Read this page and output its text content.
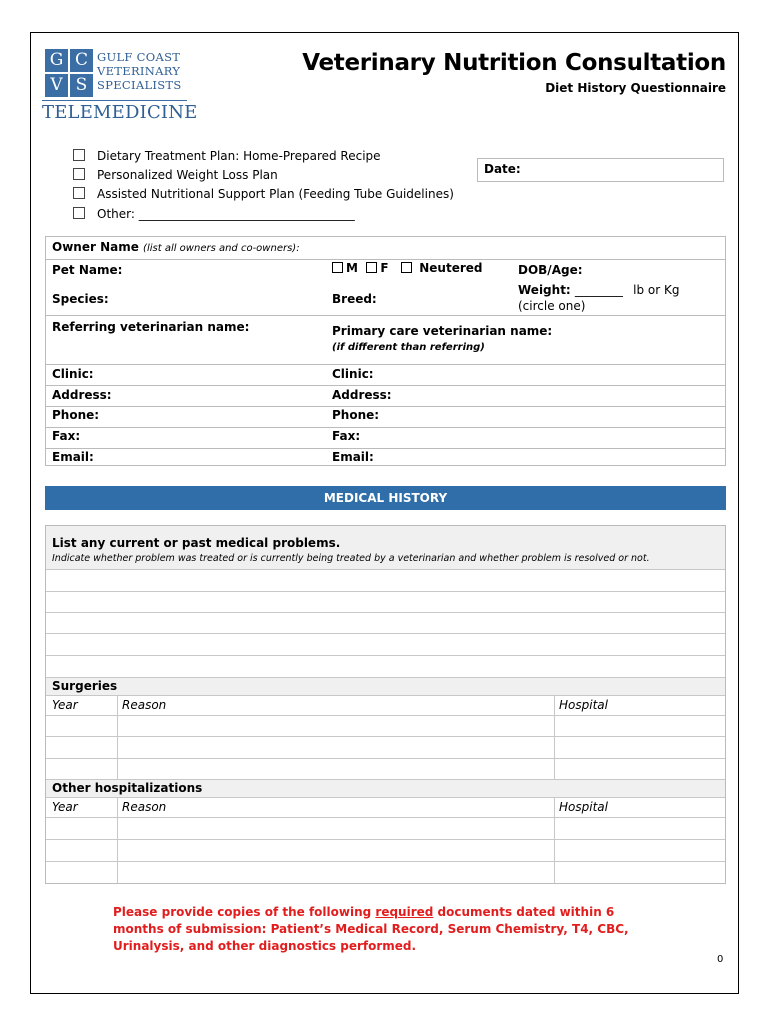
G C
V S
GULF COAST
VETERINARY
SPECIALISTS
TELEMEDICINE
Veterinary Nutrition Consultation
Diet History Questionnaire
Dietary Treatment Plan: Home-Prepared Recipe
Personalized Weight Loss Plan
Assisted Nutritional Support Plan (Feeding Tube Guidelines)
Other: ____________________________________
Date:
Owner Name (list all owners and co-owners):
Pet Name:	M F	Neutered	DOB/Age:
Species:	Breed:
Weight: ________ lb or Kg
(circle one)
Referring veterinarian name:	Primary care veterinarian name:
(if different than referring)
Clinic:	Clinic:
Address:	Address:
Phone:	Phone:
Fax:	Fax:
Email:	Email:
MEDICAL HISTORY
List any current or past medical problems.
Indicate whether problem was treated or is currently being treated by a veterinarian and whether problem is resolved or not.
Surgeries
Year	Reason	Hospital
Other hospitalizations
Year	Reason	Hospital
Please provide copies of the following required documents dated within 6
months of submission: Patient’s Medical Record, Serum Chemistry, T4, CBC,
Urinalysis, and other diagnostics performed.
0
